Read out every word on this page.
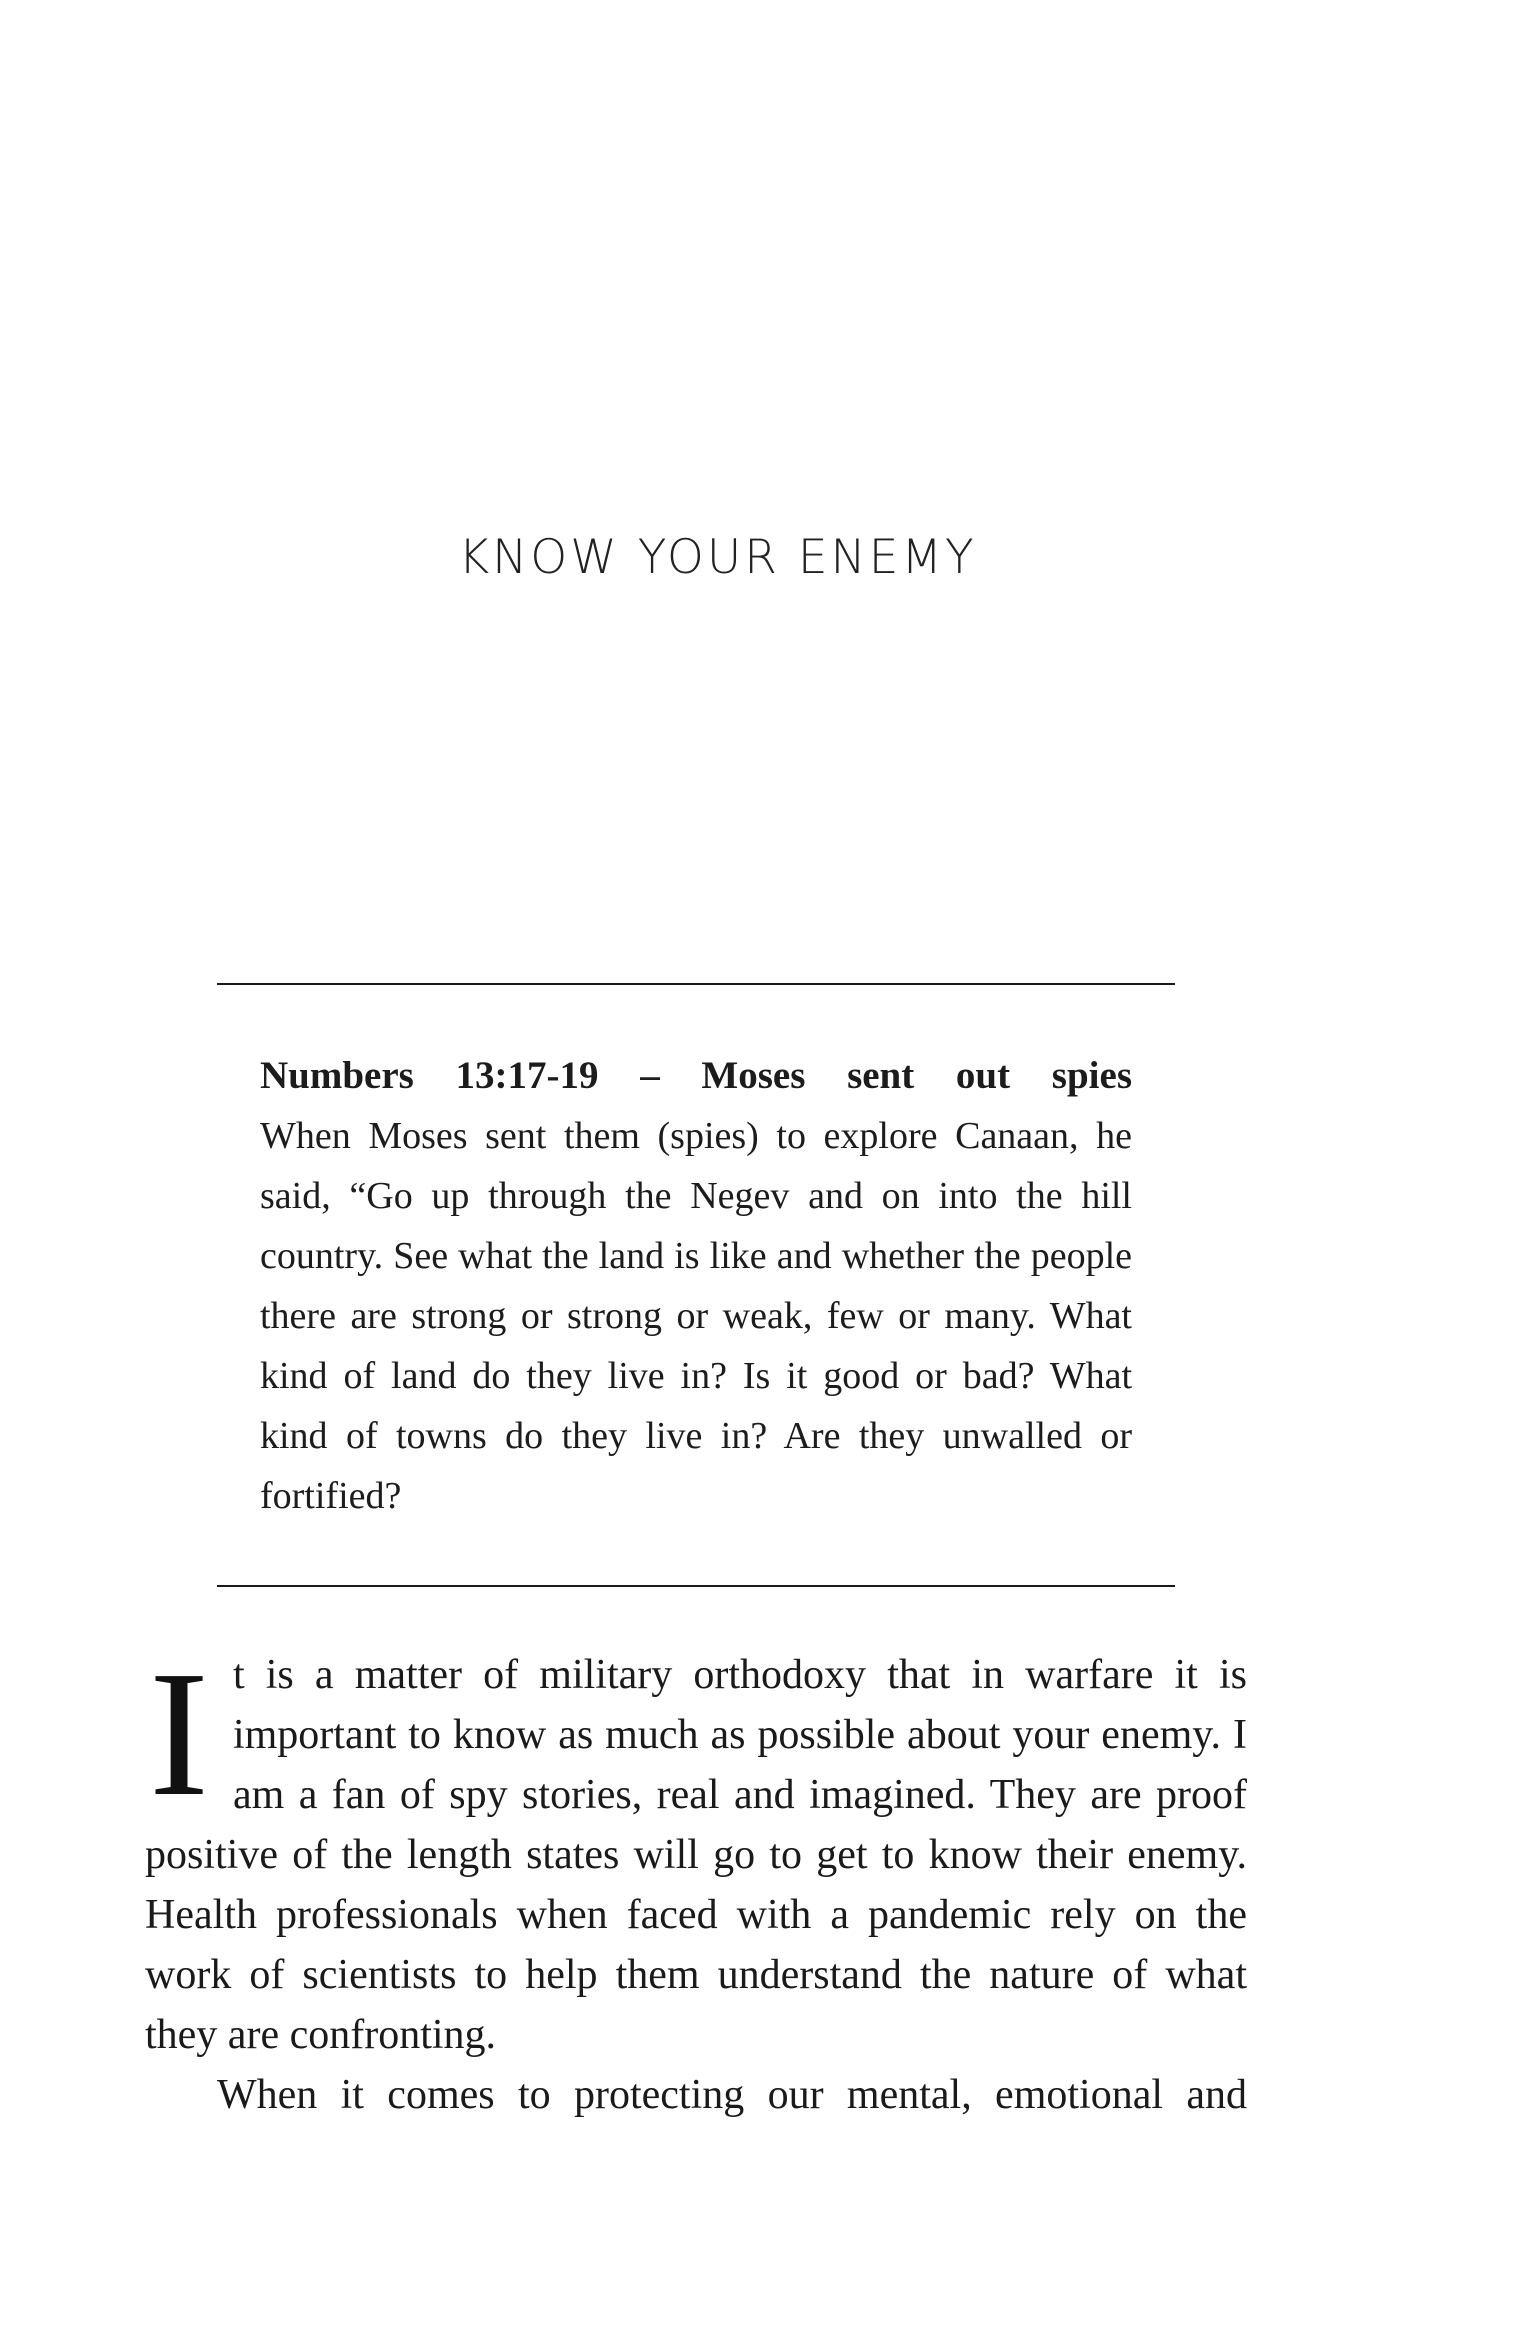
KNOW YOUR ENEMY
Numbers 13:17-19 – Moses sent out spies
When Moses sent them (spies) to explore Canaan, he said, “Go up through the Negev and on into the hill country. See what the land is like and whether the people there are strong or strong or weak, few or many. What kind of land do they live in? Is it good or bad? What kind of towns do they live in? Are they unwalled or fortified?

It is a matter of military orthodoxy that in warfare it is important to know as much as possible about your enemy. I am a fan of spy stories, real and imagined. They are proof positive of the length states will go to get to know their enemy. Health professionals when faced with a pandemic rely on the work of scientists to help them understand the nature of what they are confronting.

When it comes to protecting our mental, emotional and
